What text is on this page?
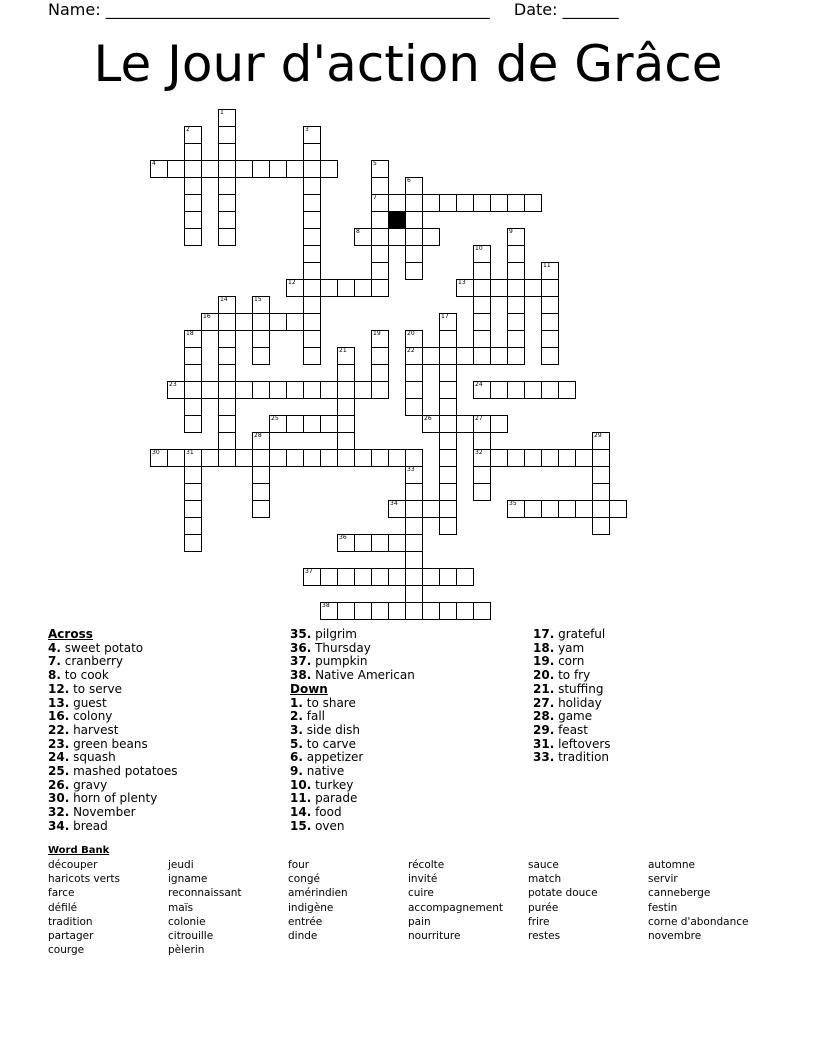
Name: ________________________________________________ Date: _______
Le Jour d'action de Grâce
1
2	3
4	5
7
6
8	9
10
11
12	13
14	15
16	17
18	19	20
22
21
23	24
25	26	27
32
28	29
30	31
33
34	35
36
37
38
Across
4. sweet potato
7. cranberry
8. to cook
12. to serve
13. guest
16. colony
22. harvest
23. green beans
24. squash
25. mashed potatoes
26. gravy
30. horn of plenty
32. November
34. bread
35. pilgrim
36. Thursday
37. pumpkin
38. Native American
Down
1. to share
2. fall
3. side dish
5. to carve
6. appetizer
9. native
10. turkey
11. parade
14. food
15. oven
17. grateful
18. yam
19. corn
20. to fry
21. stuffing
27. holiday
28. game
29. feast
31. leftovers
33. tradition
Word Bank
découper
haricots verts
farce
défilé
tradition
partager
courge
jeudi
igname
reconnaissant
maïs
colonie
citrouille
pèlerin
four
congé
amérindien
indigène
entrée
dinde
récolte
invité
cuire
accompagnement
pain
nourriture
sauce
match
potate douce
purée
frire
restes
automne
servir
canneberge
festin
corne d'abondance
novembre
